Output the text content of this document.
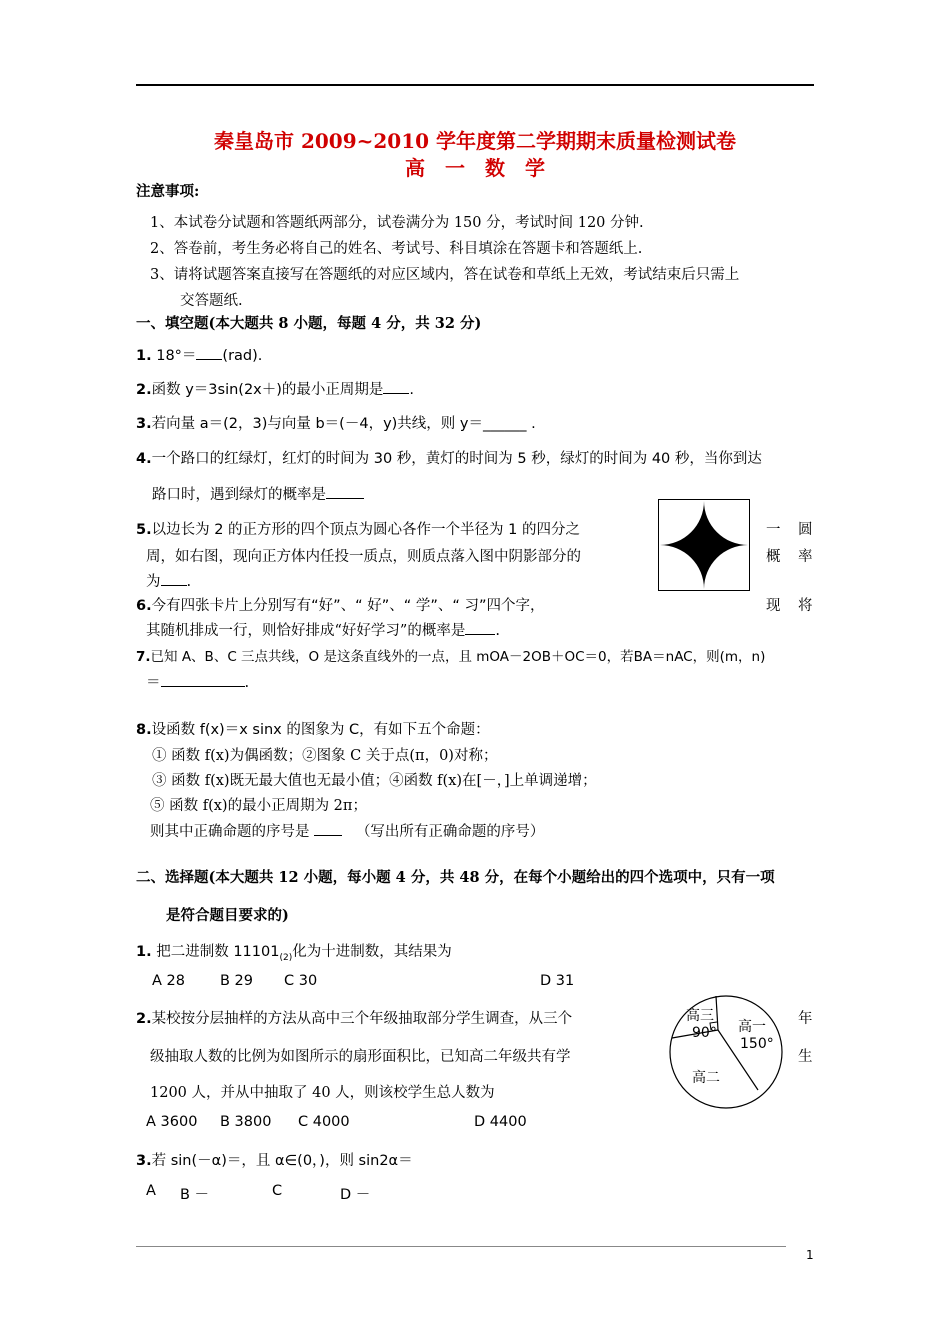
秦皇岛市 2009~2010 学年度第二学期期末质量检测试卷
高　一　数　学
注意事项:
1、本试卷分试题和答题纸两部分，试卷满分为 150 分，考试时间 120 分钟.
2、答卷前，考生务必将自己的姓名、考试号、科目填涂在答题卡和答题纸上.
3、请将试题答案直接写在答题纸的对应区域内，答在试卷和草纸上无效，考试结束后只需上
交答题纸.
一、填空题(本大题共 8 小题，每题 4 分，共 32 分)
1. 18°＝ (rad).
2.函数 y＝3sin(2x＋)的最小正周期是 .
3.若向量 a＝(2，3)与向量 b＝(－4，y)共线，则 y＝______ .
4.一个路口的红绿灯，红灯的时间为 30 秒，黄灯的时间为 5 秒，绿灯的时间为 40 秒，当你到达
路口时，遇到绿灯的概率是
5.以边长为 2 的正方形的四个顶点为圆心各作一个半径为 1 的四分之	一 圆
周，如右图，现向正方体内任投一质点，则质点落入图中阴影部分的	概 率
为 .
6.今有四张卡片上分别写有“好”、“ 好”、“ 学”、“ 习”四个字，	现 将
其随机排成一行，则恰好排成“好好学习”的概率是 .
7.已知 A、B、C 三点共线，O 是这条直线外的一点，且 mOA－2OB＋OC＝0，若BA＝nAC，则(m，n)
＝	.
8.设函数 f(x)＝x sinx 的图象为 C，有如下五个命题：
① 函数 f(x)为偶函数；②图象 C 关于点(π，0)对称；
③ 函数 f(x)既无最大值也无最小值；④函数 f(x)在[－，]上单调递增；
⑤ 函数 f(x)的最小正周期为 2π；
则其中正确命题的序号是	（写出所有正确命题的序号）
二、选择题(本大题共 12 小题，每小题 4 分，共 48 分，在每个小题给出的四个选项中，只有一项
是符合题目要求的)
1. 把二进制数 $11101_{(2)}$化为十进制数，其结果为
A 28 B 29 C 30	D 31
2.某校按分层抽样的方法从高中三个年级抽取部分学生调查，从三个	年
级抽取人数的比例为如图所示的扇形面积比，已知高二年级共有学	生
1200 人，并从中抽取了 40 人，则该校学生总人数为
高三
90° 高一
150°
高二
A 3600 B 3800 C 4000	D 4400
3.若 sin(－α)＝，且 α∈(0，)，则 sin2α＝
A B －	C	D －
1
